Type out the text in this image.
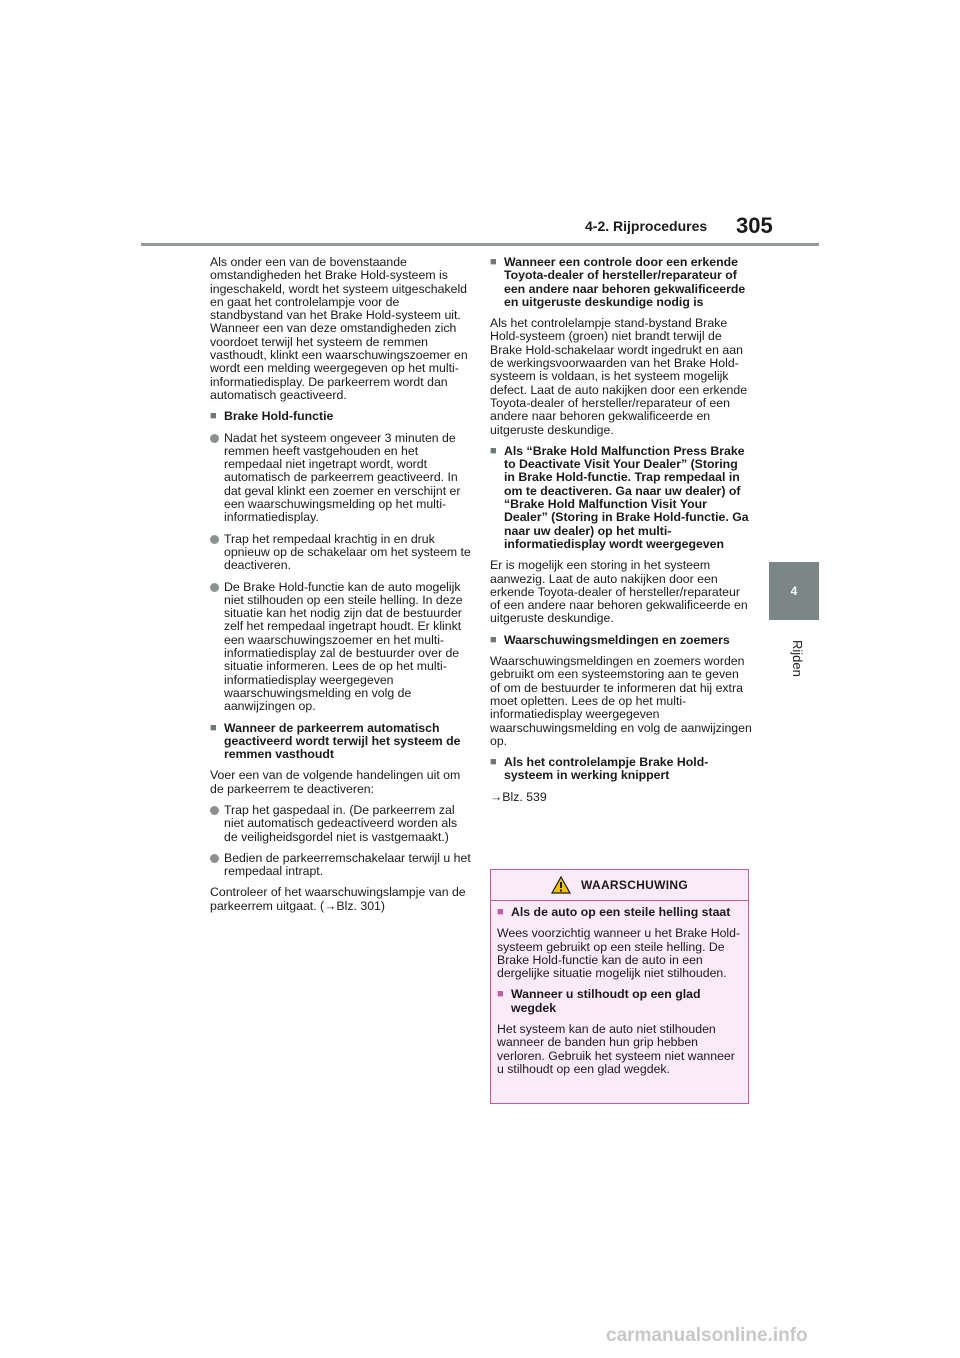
4-2. Rijprocedures 305
4
Rijden

Als onder een van de bovenstaande omstandigheden het Brake Hold-systeem is ingeschakeld, wordt het systeem uitgeschakeld en gaat het controlelampje voor de standbystand van het Brake Hold-systeem uit. Wanneer een van deze omstandigheden zich voordoet terwijl het systeem de remmen vasthoudt, klinkt een waarschuwingszoemer en wordt een melding weergegeven op het multi-informatiedisplay. De parkeerrem wordt dan automatisch geactiveerd.

■ Brake Hold-functie
Nadat het systeem ongeveer 3 minuten de remmen heeft vastgehouden en het rempedaal niet ingetrapt wordt, wordt automatisch de parkeerrem geactiveerd. In dat geval klinkt een zoemer en verschijnt er een waarschuwingsmelding op het multi-informatiedisplay.
Trap het rempedaal krachtig in en druk opnieuw op de schakelaar om het systeem te deactiveren.
De Brake Hold-functie kan de auto mogelijk niet stilhouden op een steile helling. In deze situatie kan het nodig zijn dat de bestuurder zelf het rempedaal ingetrapt houdt. Er klinkt een waarschuwingszoemer en het multi-informatiedisplay zal de bestuurder over de situatie informeren. Lees de op het multi-informatiedisplay weergegeven waarschuwingsmelding en volg de aanwijzingen op.
■ Wanneer de parkeerrem automatisch geactiveerd wordt terwijl het systeem de remmen vasthoudt

Voer een van de volgende handelingen uit om de parkeerrem te deactiveren:

Trap het gaspedaal in. (De parkeerrem zal niet automatisch gedeactiveerd worden als de veiligheidsgordel niet is vastgemaakt.)
Bedien de parkeerremschakelaar terwijl u het rempedaal intrapt.

Controleer of het waarschuwingslampje van de parkeerrem uitgaat. (→Blz. 301)

■ Wanneer een controle door een erkende Toyota-dealer of hersteller/reparateur of een andere naar behoren gekwalificeerde en uitgeruste deskundige nodig is

Als het controlelampje stand-bystand Brake Hold-systeem (groen) niet brandt terwijl de Brake Hold-schakelaar wordt ingedrukt en aan de werkingsvoorwaarden van het Brake Hold-systeem is voldaan, is het systeem mogelijk defect. Laat de auto nakijken door een erkende Toyota-dealer of hersteller/reparateur of een andere naar behoren gekwalificeerde en uitgeruste deskundige.

■ Als “Brake Hold Malfunction Press Brake to Deactivate Visit Your Dealer” (Storing in Brake Hold-functie. Trap rempedaal in om te deactiveren. Ga naar uw dealer) of “Brake Hold Malfunction Visit Your Dealer” (Storing in Brake Hold-functie. Ga naar uw dealer) op het multi-informatiedisplay wordt weergegeven

Er is mogelijk een storing in het systeem aanwezig. Laat de auto nakijken door een erkende Toyota-dealer of hersteller/reparateur of een andere naar behoren gekwalificeerde en uitgeruste deskundige.

■ Waarschuwingsmeldingen en zoemers

Waarschuwingsmeldingen en zoemers worden gebruikt om een systeemstoring aan te geven of om de bestuurder te informeren dat hij extra moet opletten. Lees de op het multi-informatiedisplay weergegeven waarschuwingsmelding en volg de aanwijzingen op.

■ Als het controlelampje Brake Hold-systeem in werking knippert

→Blz. 539

WAARSCHUWING
■ Als de auto op een steile helling staat

Wees voorzichtig wanneer u het Brake Hold-systeem gebruikt op een steile helling. De Brake Hold-functie kan de auto in een dergelijke situatie mogelijk niet stilhouden.

■ Wanneer u stilhoudt op een glad wegdek

Het systeem kan de auto niet stilhouden wanneer de banden hun grip hebben verloren. Gebruik het systeem niet wanneer u stilhoudt op een glad wegdek.

carmanualsonline.info
